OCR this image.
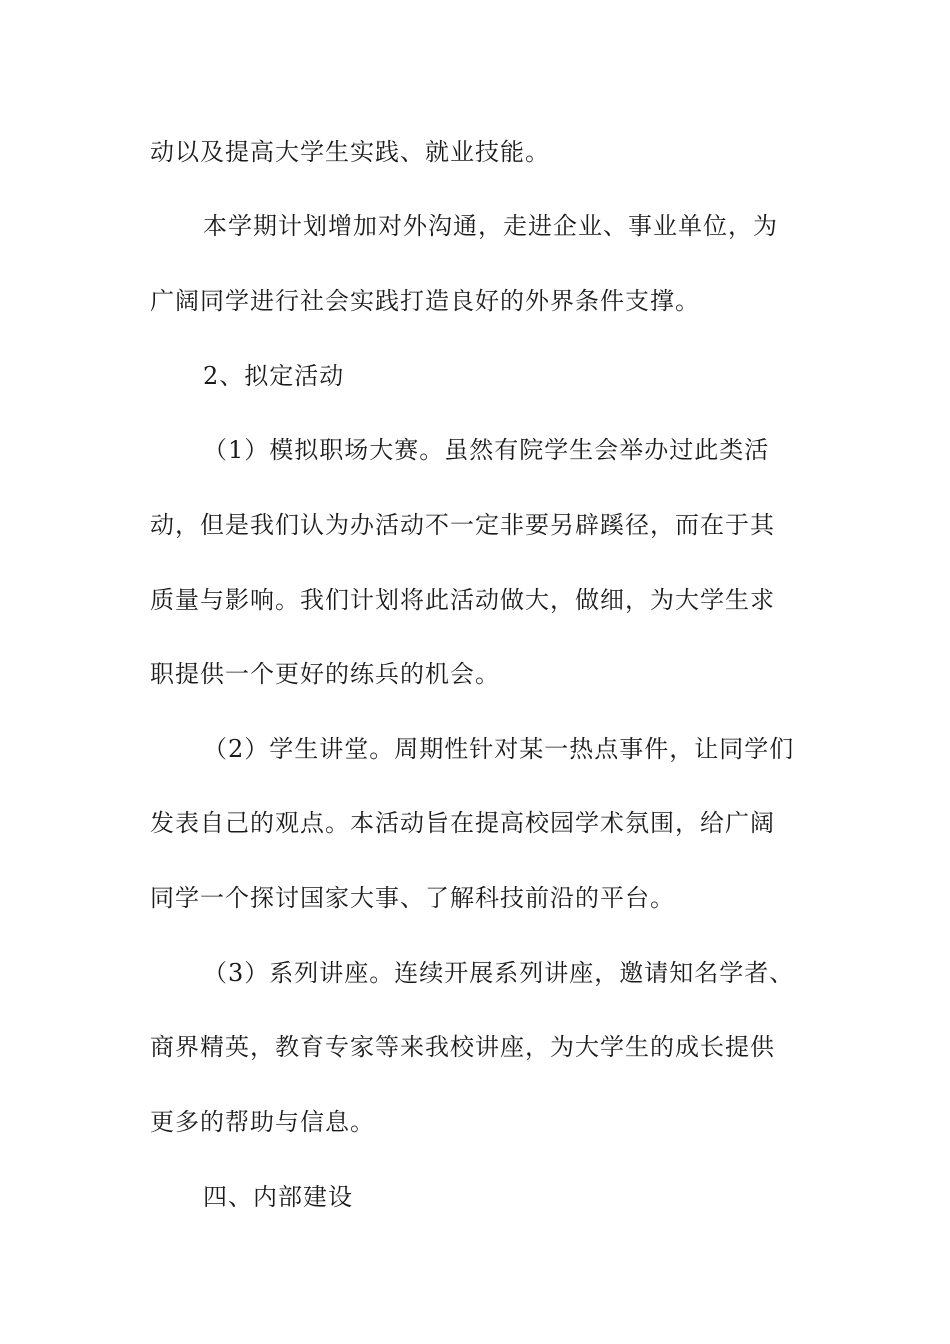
动以及提高大学生实践、就业技能。
本学期计划增加对外沟通，走进企业、事业单位，为
广阔同学进行社会实践打造良好的外界条件支撑。
2、拟定活动
（1）模拟职场大赛。虽然有院学生会举办过此类活
动，但是我们认为办活动不一定非要另辟蹊径，而在于其
质量与影响。我们计划将此活动做大，做细，为大学生求
职提供一个更好的练兵的机会。
（2）学生讲堂。周期性针对某一热点事件，让同学们
发表自己的观点。本活动旨在提高校园学术氛围，给广阔
同学一个探讨国家大事、了解科技前沿的平台。
（3）系列讲座。连续开展系列讲座，邀请知名学者、
商界精英，教育专家等来我校讲座，为大学生的成长提供
更多的帮助与信息。
四、内部建设
